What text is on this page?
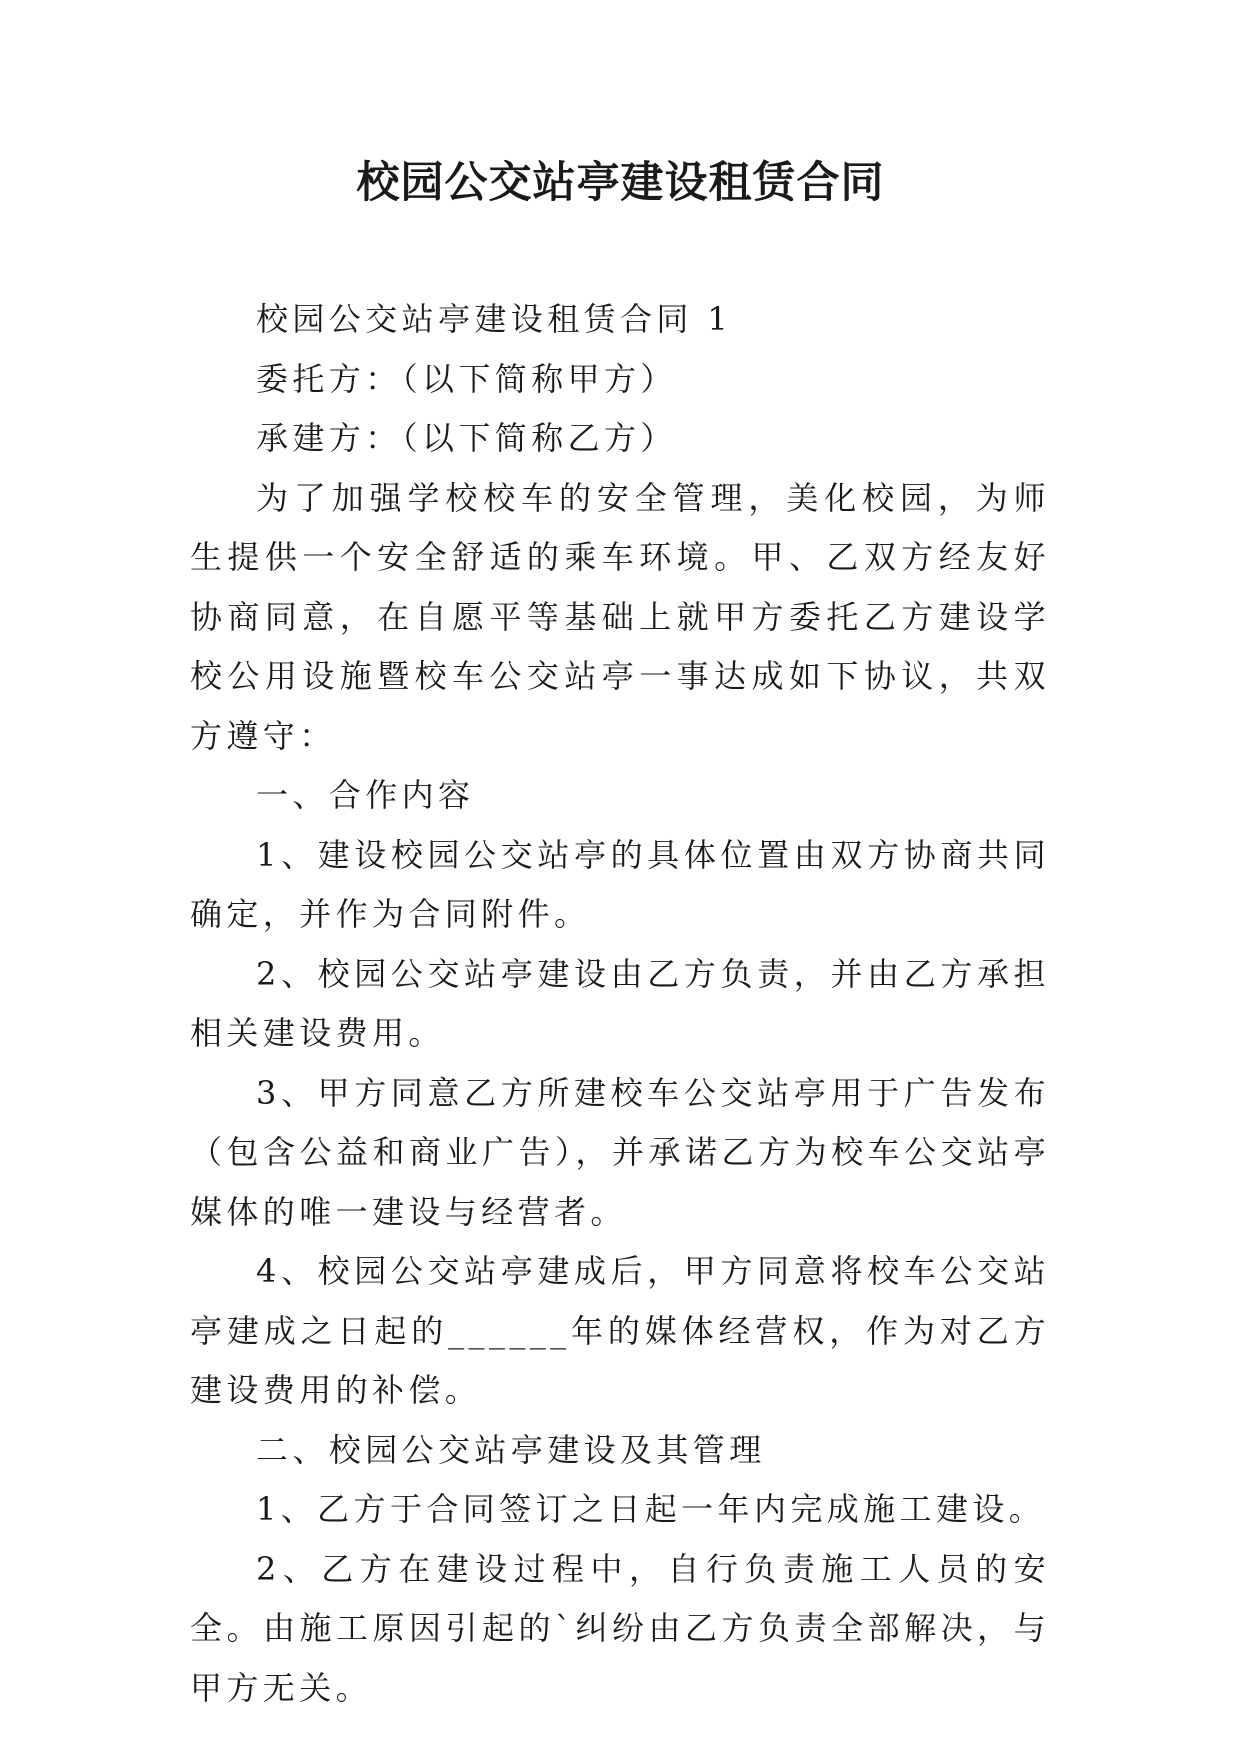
校园公交站亭建设租赁合同

校园公交站亭建设租赁合同 1

委托方：（以下简称甲方）

承建方：（以下简称乙方）

为了加强学校校车的安全管理，美化校园，为师生提供一个安全舒适的乘车环境。甲、乙双方经友好协商同意，在自愿平等基础上就甲方委托乙方建设学校公用设施暨校车公交站亭一事达成如下协议，共双方遵守：

一、合作内容

1、建设校园公交站亭的具体位置由双方协商共同确定，并作为合同附件。

2、校园公交站亭建设由乙方负责，并由乙方承担相关建设费用。

3、甲方同意乙方所建校车公交站亭用于广告发布（包含公益和商业广告），并承诺乙方为校车公交站亭媒体的唯一建设与经营者。

4、校园公交站亭建成后，甲方同意将校车公交站亭建成之日起的______年的媒体经营权，作为对乙方建设费用的补偿。

二、校园公交站亭建设及其管理

1、乙方于合同签订之日起一年内完成施工建设。

2、乙方在建设过程中，自行负责施工人员的安全。由施工原因引起的`纠纷由乙方负责全部解决，与甲方无关。
